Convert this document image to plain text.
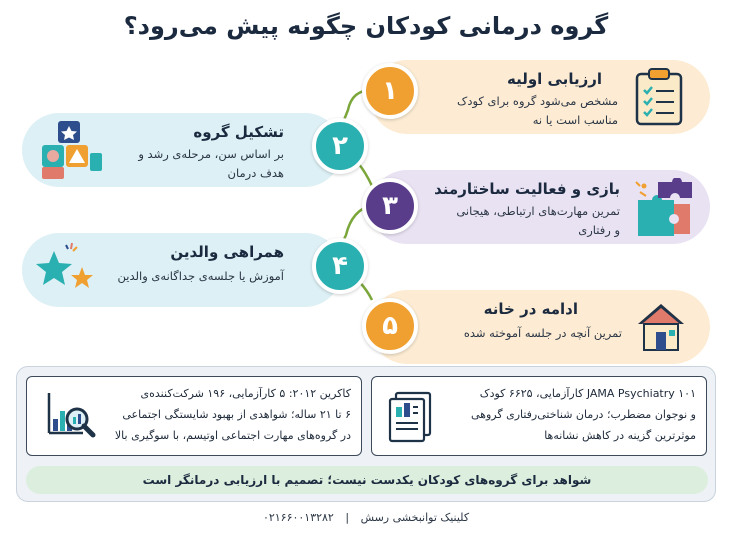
گروه درمانی کودکان چگونه پیش می‌رود؟
ارزیابی اولیه
مشخص می‌شود گروه برای کودک
مناسب است یا نه
۱
تشکیل گروه
بر اساس سن، مرحله‌ی رشد و
هدف درمان
۲
بازی و فعالیت ساختارمند
تمرین مهارت‌های ارتباطی، هیجانی
و رفتاری
۳
همراهی والدین
آموزش یا جلسه‌ی جداگانه‌ی والدین	۴
ادامه در خانه
تمرین آنچه در جلسه آموخته شده
۵
JAMA Psychiatry ۱۰۱ کارآزمایی، ۶۶۲۵ کودک
و نوجوان مضطرب؛ درمان شناختی‌رفتاری گروهی
موثرترین گزینه در کاهش نشانه‌ها
کاکرین ۲۰۱۲: ۵ کارآزمایی، ۱۹۶ شرکت‌کننده‌ی
۶ تا ۲۱ ساله؛ شواهدی از بهبود شایستگی اجتماعی
در گروه‌های مهارت اجتماعی اوتیسم، با سوگیری بالا
شواهد برای گروه‌های کودکان یکدست نیست؛ تصمیم با ارزیابی درمانگر است
کلینیک توانبخشی رسش | ۰۲۱۶۶۰۰۱۳۲۸۲
